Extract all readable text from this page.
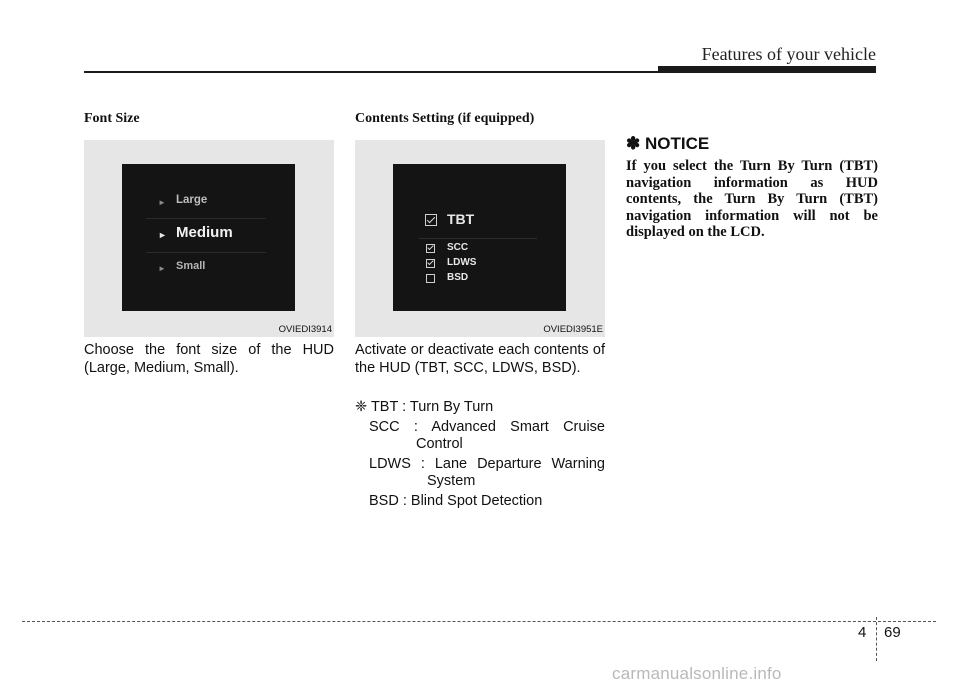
Features of your vehicle
Font Size
► Large
► Medium
► Small
OVIEDI3914
Choose the font size of the HUD (Large, Medium, Small).
Contents Setting (if equipped)
TBT
SCC
LDWS
BSD
OVIEDI3951E
Activate or deactivate each contents of the HUD (TBT, SCC, LDWS, BSD).
❈ TBT : Turn By Turn
SCC : Advanced Smart Cruise
Control
LDWS : Lane Departure Warning
System
BSD : Blind Spot Detection
✽ NOTICE
If you select the Turn By Turn (TBT) navigation information as HUD contents, the Turn By Turn (TBT) navigation information will not be displayed on the LCD.
4 69
carmanualsonline.info
